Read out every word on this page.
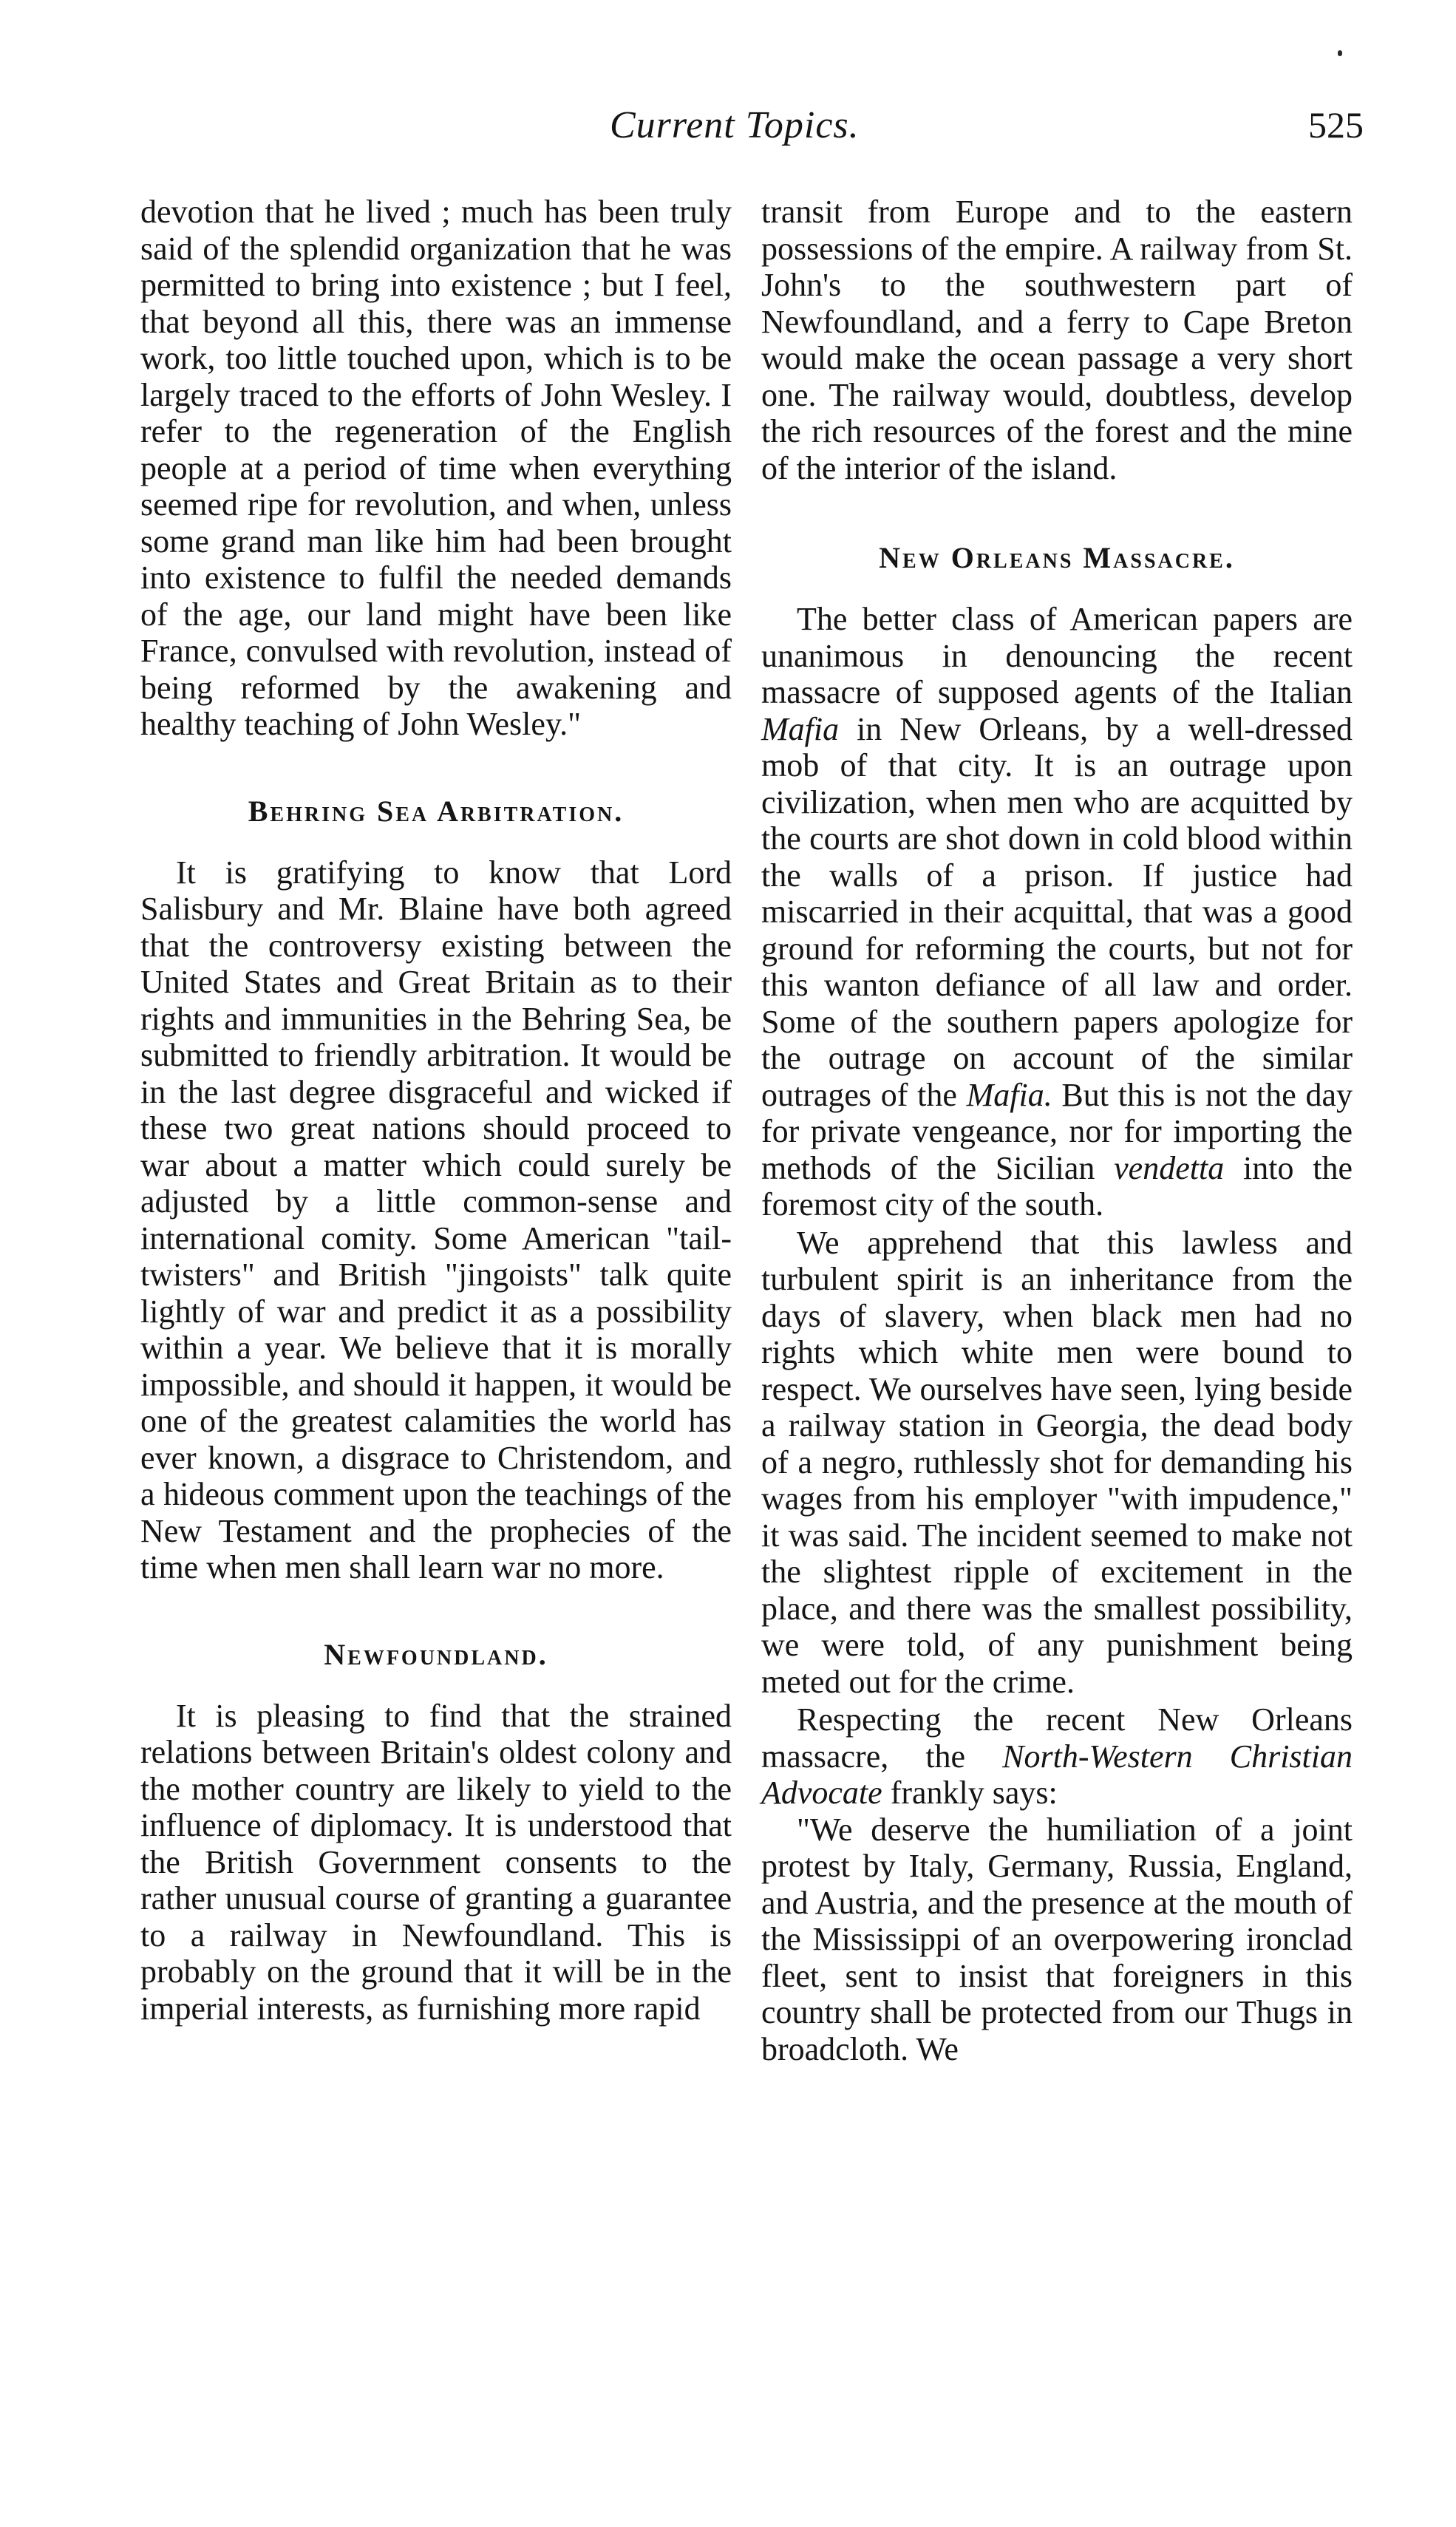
Current Topics.	525

devotion that he lived ; much has been truly said of the splendid organization that he was permitted to bring into existence ; but I feel, that beyond all this, there was an immense work, too little touched upon, which is to be largely traced to the efforts of John Wesley. I refer to the regeneration of the English people at a period of time when everything seemed ripe for revolution, and when, unless some grand man like him had been brought into existence to fulfil the needed demands of the age, our land might have been like France, convulsed with revolution, instead of being reformed by the awakening and healthy teaching of John Wesley."

Behring Sea Arbitration.

It is gratifying to know that Lord Salisbury and Mr. Blaine have both agreed that the controversy existing between the United States and Great Britain as to their rights and immunities in the Behring Sea, be submitted to friendly arbitration. It would be in the last degree disgraceful and wicked if these two great nations should proceed to war about a matter which could surely be adjusted by a little common-sense and international comity. Some American "tail-twisters" and British "jingoists" talk quite lightly of war and predict it as a possibility within a year. We believe that it is morally impossible, and should it happen, it would be one of the greatest calamities the world has ever known, a disgrace to Christendom, and a hideous comment upon the teachings of the New Testament and the prophecies of the time when men shall learn war no more.

Newfoundland.

It is pleasing to find that the strained relations between Britain's oldest colony and the mother country are likely to yield to the influence of diplomacy. It is understood that the British Government consents to the rather unusual course of granting a guarantee to a railway in Newfoundland. This is probably on the ground that it will be in the imperial interests, as furnishing more rapid

transit from Europe and to the eastern possessions of the empire. A railway from St. John's to the southwestern part of Newfoundland, and a ferry to Cape Breton would make the ocean passage a very short one. The railway would, doubtless, develop the rich resources of the forest and the mine of the interior of the island.

New Orleans Massacre.

The better class of American papers are unanimous in denouncing the recent massacre of supposed agents of the Italian Mafia in New Orleans, by a well-dressed mob of that city. It is an outrage upon civilization, when men who are acquitted by the courts are shot down in cold blood within the walls of a prison. If justice had miscarried in their acquittal, that was a good ground for reforming the courts, but not for this wanton defiance of all law and order. Some of the southern papers apologize for the outrage on account of the similar outrages of the Mafia. But this is not the day for private vengeance, nor for importing the methods of the Sicilian vendetta into the foremost city of the south.

We apprehend that this lawless and turbulent spirit is an inheritance from the days of slavery, when black men had no rights which white men were bound to respect. We ourselves have seen, lying beside a railway station in Georgia, the dead body of a negro, ruthlessly shot for demanding his wages from his employer "with impudence," it was said. The incident seemed to make not the slightest ripple of excitement in the place, and there was the smallest possibility, we were told, of any punishment being meted out for the crime.

Respecting the recent New Orleans massacre, the North-Western Christian Advocate frankly says:

"We deserve the humiliation of a joint protest by Italy, Germany, Russia, England, and Austria, and the presence at the mouth of the Mississippi of an overpowering ironclad fleet, sent to insist that foreigners in this country shall be protected from our Thugs in broadcloth. We
